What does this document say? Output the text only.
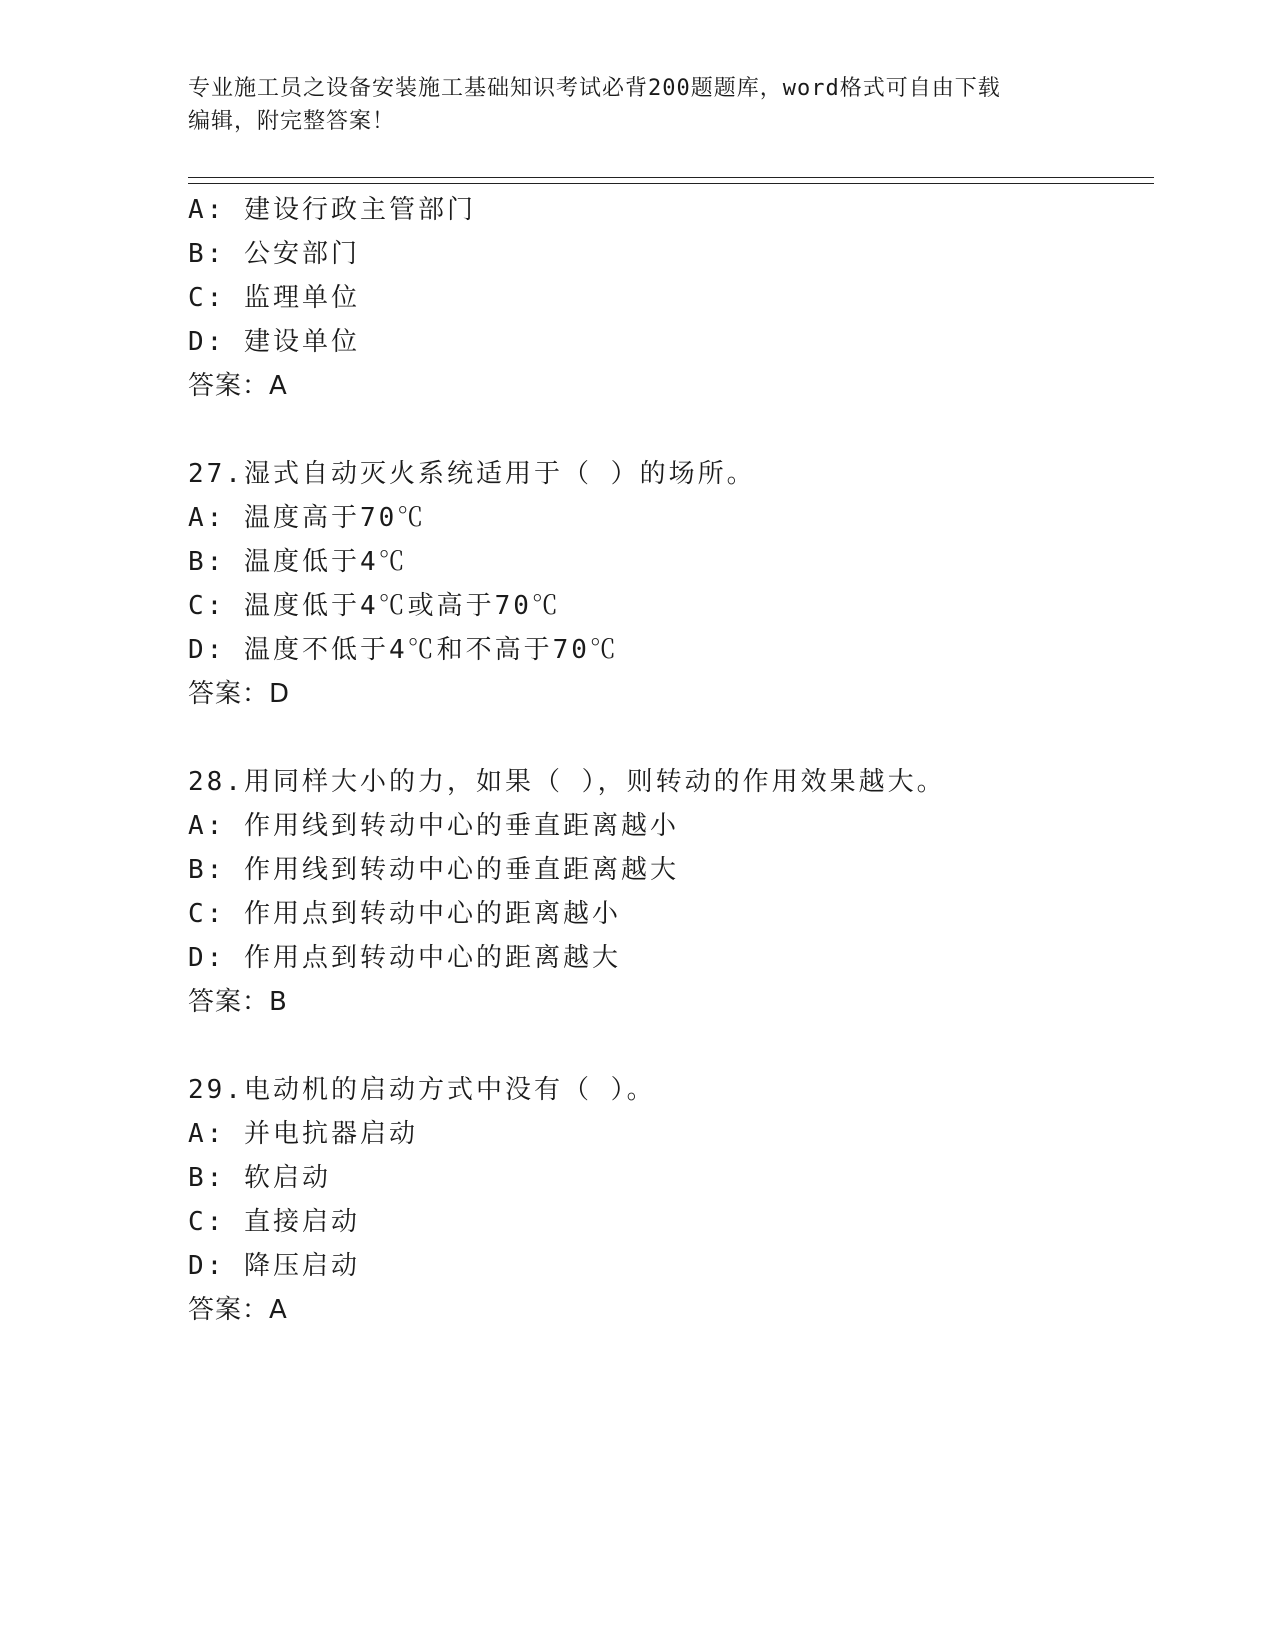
专业施工员之设备安装施工基础知识考试必背200题题库，word格式可自由下载
编辑，附完整答案！
A: 建设行政主管部门
B: 公安部门
C: 监理单位
D: 建设单位
答案：A
27.湿式自动灭火系统适用于（ ）的场所。
A: 温度高于70℃
B: 温度低于4℃
C: 温度低于4℃或高于70℃
D: 温度不低于4℃和不高于70℃
答案：D
28.用同样大小的力，如果（ ），则转动的作用效果越大。
A: 作用线到转动中心的垂直距离越小
B: 作用线到转动中心的垂直距离越大
C: 作用点到转动中心的距离越小
D: 作用点到转动中心的距离越大
答案：B
29.电动机的启动方式中没有（ ）。
A: 并电抗器启动
B: 软启动
C: 直接启动
D: 降压启动
答案：A
